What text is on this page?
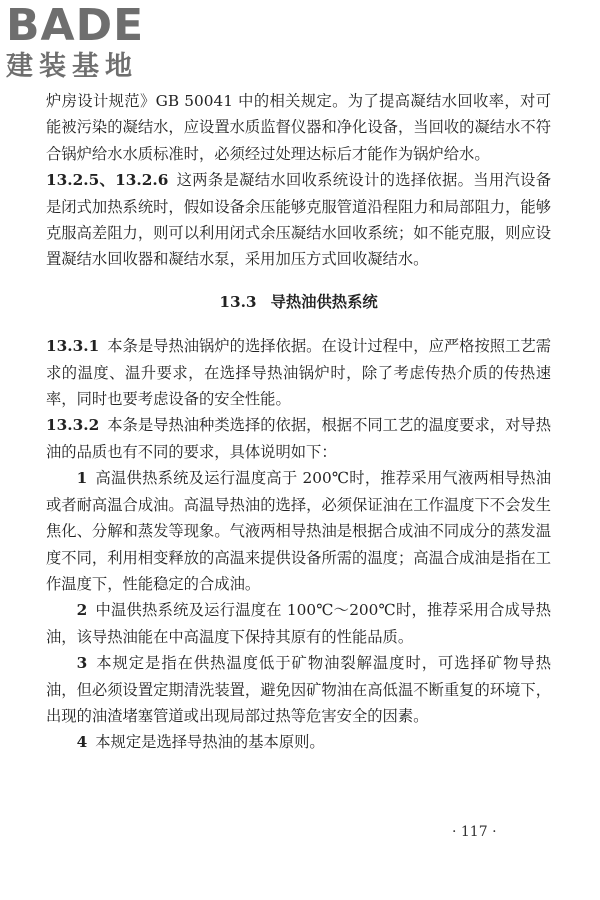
BADE
建装基地

炉房设计规范》GB 50041 中的相关规定。为了提高凝结水回收率，对可能被污染的凝结水，应设置水质监督仪器和净化设备，当回收的凝结水不符合锅炉给水水质标准时，必须经过处理达标后才能作为锅炉给水。

13.2.5、13.2.6 这两条是凝结水回收系统设计的选择依据。当用汽设备是闭式加热系统时，假如设备余压能够克服管道沿程阻力和局部阻力，能够克服高差阻力，则可以利用闭式余压凝结水回收系统；如不能克服，则应设置凝结水回收器和凝结水泵，采用加压方式回收凝结水。

13.3 导热油供热系统

13.3.1 本条是导热油锅炉的选择依据。在设计过程中，应严格按照工艺需求的温度、温升要求，在选择导热油锅炉时，除了考虑传热介质的传热速率，同时也要考虑设备的安全性能。

13.3.2 本条是导热油种类选择的依据，根据不同工艺的温度要求，对导热油的品质也有不同的要求，具体说明如下：

1 高温供热系统及运行温度高于 200℃时，推荐采用气液两相导热油或者耐高温合成油。高温导热油的选择，必须保证油在工作温度下不会发生焦化、分解和蒸发等现象。气液两相导热油是根据合成油不同成分的蒸发温度不同，利用相变释放的高温来提供设备所需的温度；高温合成油是指在工作温度下，性能稳定的合成油。

2 中温供热系统及运行温度在 100℃～200℃时，推荐采用合成导热油，该导热油能在中高温度下保持其原有的性能品质。

3 本规定是指在供热温度低于矿物油裂解温度时，可选择矿物导热油，但必须设置定期清洗装置，避免因矿物油在高低温不断重复的环境下，出现的油渣堵塞管道或出现局部过热等危害安全的因素。

4 本规定是选择导热油的基本原则。

· 117 ·
